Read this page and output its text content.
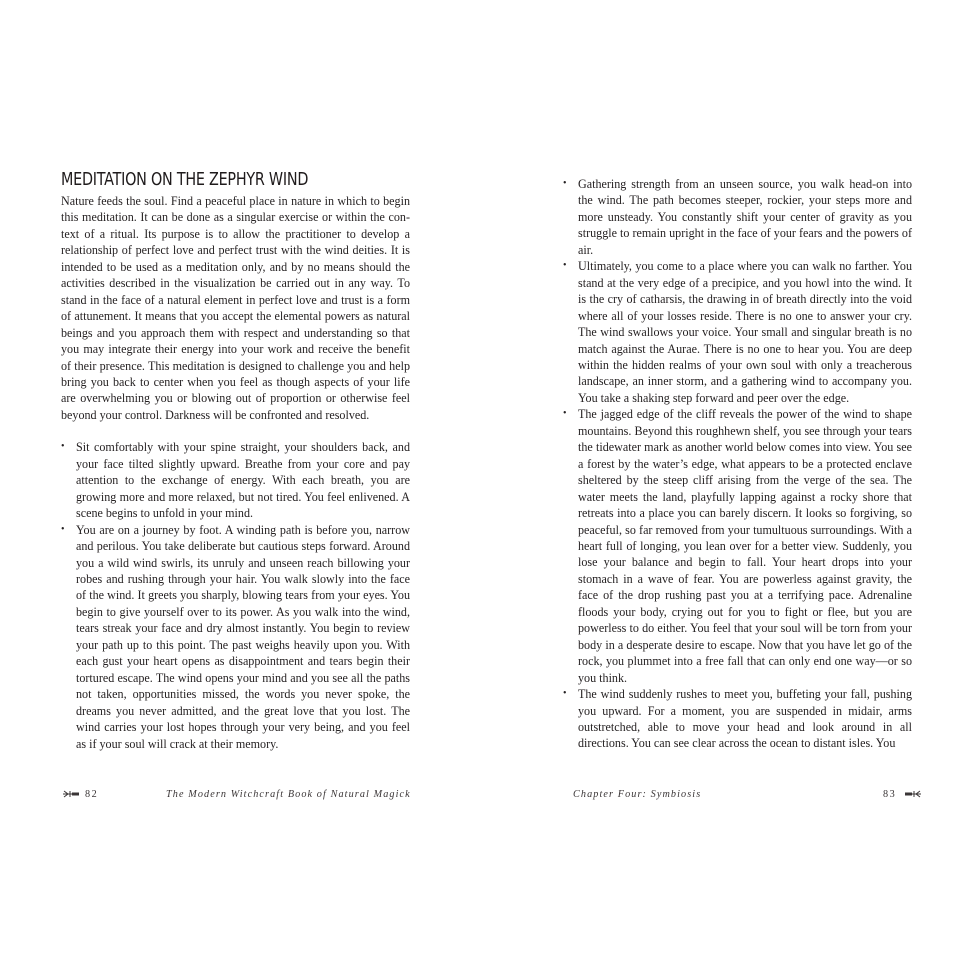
MEDITATION ON THE ZEPHYR WIND

Nature feeds the soul. Find a peaceful place in nature in which to begin this meditation. It can be done as a singular exercise or within the context of a ritual. Its purpose is to allow the practitioner to develop a relationship of perfect love and perfect trust with the wind deities. It is intended to be used as a meditation only, and by no means should the activities described in the visualization be carried out in any way. To stand in the face of a natural element in perfect love and trust is a form of attunement. It means that you accept the elemental powers as natural beings and you approach them with respect and understanding so that you may integrate their energy into your work and receive the benefit of their presence. This meditation is designed to challenge you and help bring you back to center when you feel as though aspects of your life are overwhelming you or blowing out of proportion or otherwise feel beyond your control. Darkness will be confronted and resolved.

• Sit comfortably with your spine straight, your shoulders back, and your face tilted slightly upward. Breathe from your core and pay attention to the exchange of energy. With each breath, you are growing more and more relaxed, but not tired. You feel enlivened. A scene begins to unfold in your mind.
• You are on a journey by foot. A winding path is before you, narrow and perilous. You take deliberate but cautious steps forward. Around you a wild wind swirls, its unruly and unseen reach billowing your robes and rushing through your hair. You walk slowly into the face of the wind. It greets you sharply, blowing tears from your eyes. You begin to give yourself over to its power. As you walk into the wind, tears streak your face and dry almost instantly. You begin to review your path up to this point. The past weighs heavily upon you. With each gust your heart opens as disappointment and tears begin their tortured escape. The wind opens your mind and you see all the paths not taken, opportunities missed, the words you never spoke, the dreams you never admitted, and the great love that you lost. The wind carries your lost hopes through your very being, and you feel as if your soul will crack at their memory.
82	The Modern Witchcraft Book of Natural Magick
• Gathering strength from an unseen source, you walk head-on into the wind. The path becomes steeper, rockier, your steps more and more unsteady. You constantly shift your center of gravity as you struggle to remain upright in the face of your fears and the powers of air.
• Ultimately, you come to a place where you can walk no farther. You stand at the very edge of a precipice, and you howl into the wind. It is the cry of catharsis, the drawing in of breath directly into the void where all of your losses reside. There is no one to answer your cry. The wind swallows your voice. Your small and singular breath is no match against the Aurae. There is no one to hear you. You are deep within the hidden realms of your own soul with only a treacherous landscape, an inner storm, and a gathering wind to accompany you. You take a shaking step forward and peer over the edge.
• The jagged edge of the cliff reveals the power of the wind to shape mountains. Beyond this roughhewn shelf, you see through your tears the tidewater mark as another world below comes into view. You see a forest by the water’s edge, what appears to be a protected enclave sheltered by the steep cliff arising from the verge of the sea. The water meets the land, playfully lapping against a rocky shore that retreats into a place you can barely discern. It looks so forgiving, so peaceful, so far removed from your tumultuous surroundings. With a heart full of longing, you lean over for a better view. Suddenly, you lose your balance and begin to fall. Your heart drops into your stomach in a wave of fear. You are powerless against gravity, the face of the drop rushing past you at a terrifying pace. Adrenaline floods your body, crying out for you to fight or flee, but you are powerless to do either. You feel that your soul will be torn from your body in a desperate desire to escape. Now that you have let go of the rock, you plummet into a free fall that can only end one way—or so you think.
• The wind suddenly rushes to meet you, buffeting your fall, pushing you upward. For a moment, you are suspended in midair, arms outstretched, able to move your head and look around in all directions. You can see clear across the ocean to distant isles. You
Chapter Four: Symbiosis	83
